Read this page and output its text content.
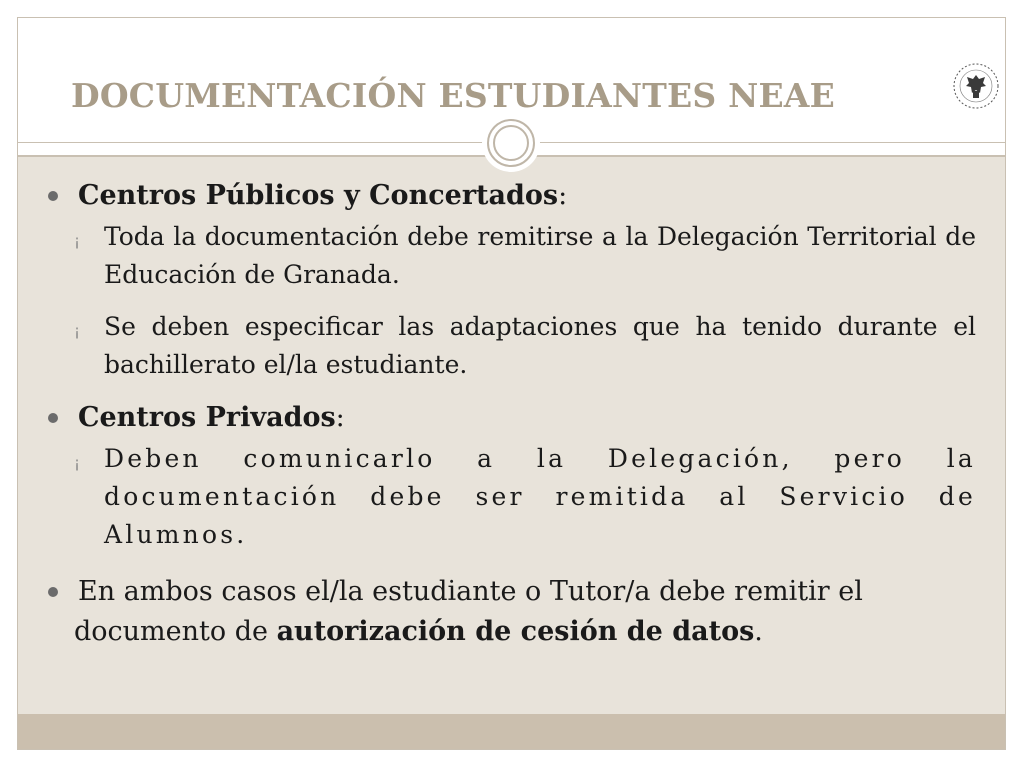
DOCUMENTACIÓN ESTUDIANTES NEAE
Centros Públicos y Concertados:
¡ Toda la documentación debe remitirse a la Delegación Territorial de Educación de Granada.
¡ Se deben especificar las adaptaciones que ha tenido durante el bachillerato el/la estudiante.
Centros Privados:
¡ Deben comunicarlo a la Delegación, pero la documentación debe ser remitida al Servicio de Alumnos.
En ambos casos el/la estudiante o Tutor/a debe remitir el
documento de autorización de cesión de datos.
